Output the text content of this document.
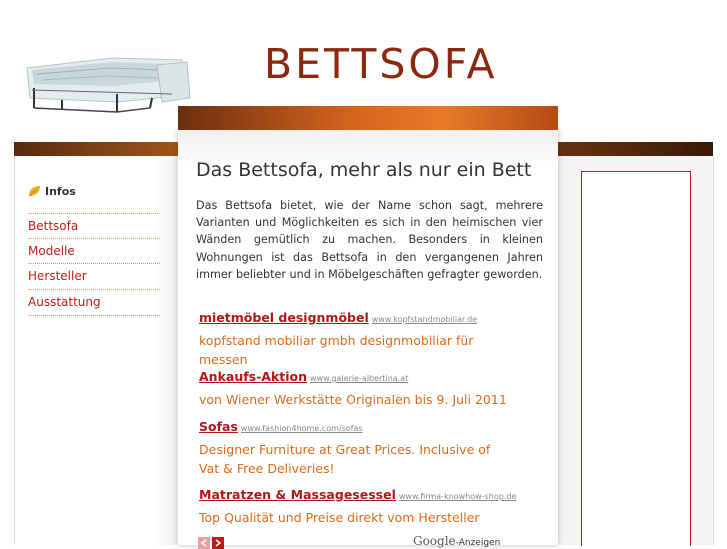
BETTSOFA
Infos
Bettsofa
Modelle
Hersteller
Ausstattung
Das Bettsofa, mehr als nur ein Bett
Das Bettsofa bietet, wie der Name schon sagt, mehrere Varianten und Möglichkeiten es sich in den heimischen vier Wänden gemütlich zu machen. Besonders in kleinen Wohnungen ist das Bettsofa in den vergangenen Jahren immer beliebter und in Möbelgeschäften gefragter geworden.
mietmöbel designmöbel www.kopfstandmobiliar.de
kopfstand mobiliar gmbh designmobiliar für messen
Ankaufs-Aktion www.galerie-albertina.at
von Wiener Werkstätte Originalen bis 9. Juli 2011
Sofas www.fashion4home.com/sofas
Designer Furniture at Great Prices. Inclusive of Vat & Free Deliveries!
Matratzen & Massagesessel www.firma-knowhow-shop.de
Top Qualität und Preise direkt vom Hersteller
Google-Anzeigen
